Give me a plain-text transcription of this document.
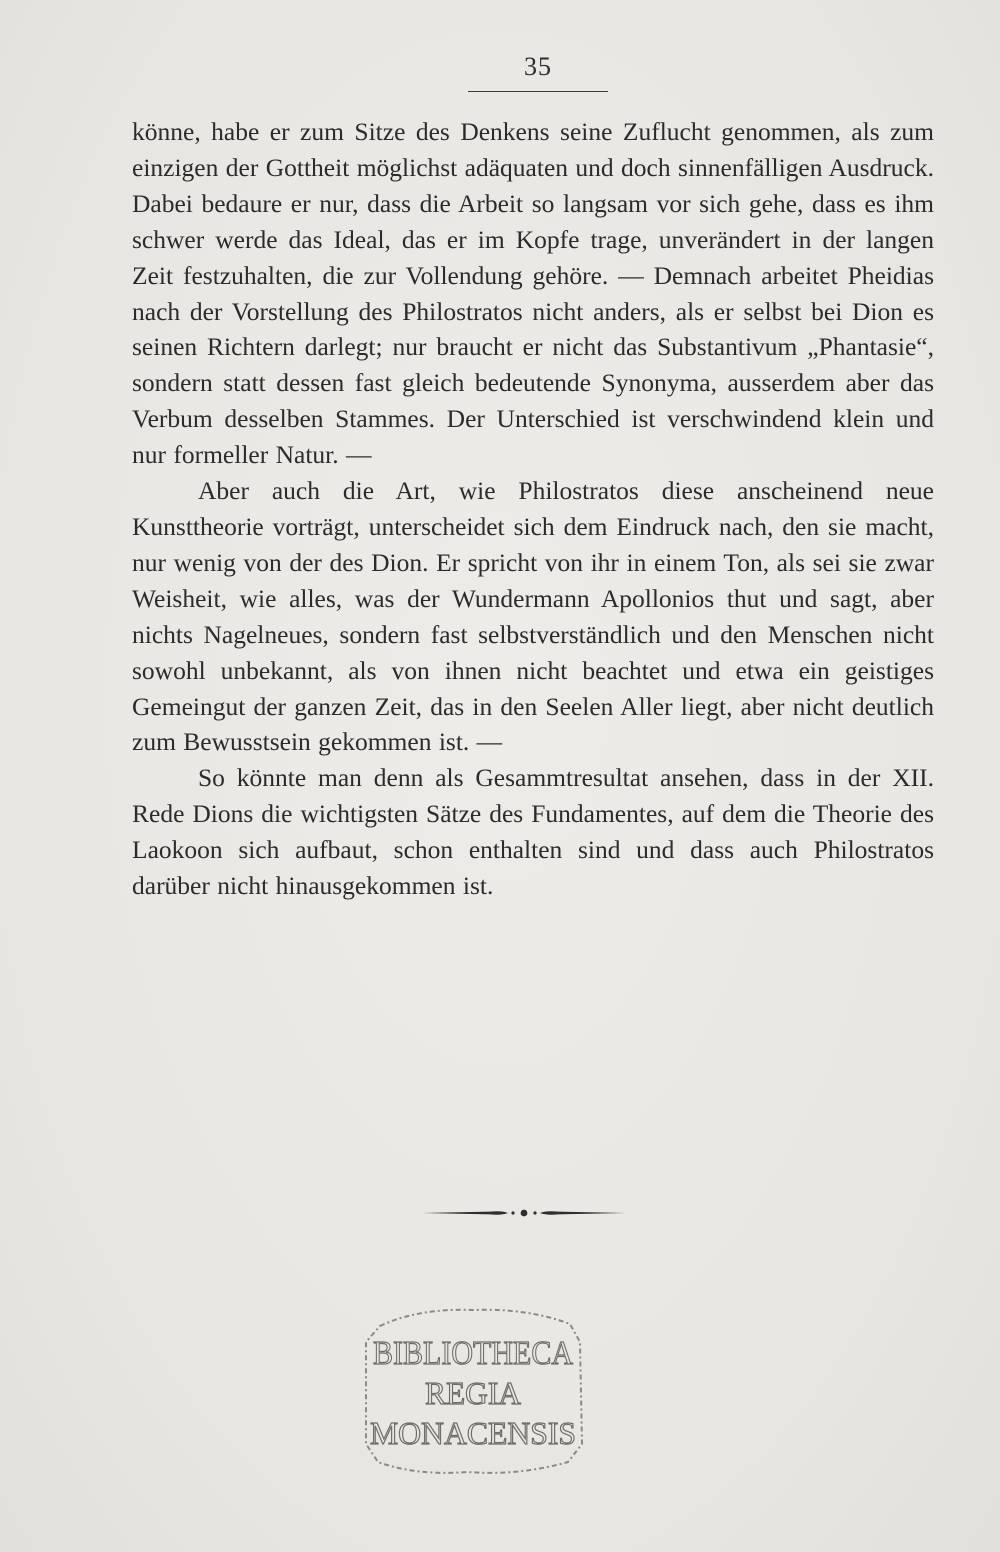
35

könne, habe er zum Sitze des Denkens seine Zuflucht genommen, als zum einzigen der Gottheit möglichst adäquaten und doch sinnenfälligen Ausdruck. Dabei bedaure er nur, dass die Arbeit so langsam vor sich gehe, dass es ihm schwer werde das Ideal, das er im Kopfe trage, unverändert in der langen Zeit festzuhalten, die zur Vollendung gehöre. — Demnach arbeitet Pheidias nach der Vorstellung des Philostratos nicht anders, als er selbst bei Dion es seinen Richtern darlegt; nur braucht er nicht das Substantivum „Phantasie“, sondern statt dessen fast gleich bedeutende Synonyma, ausserdem aber das Verbum desselben Stammes. Der Unterschied ist verschwindend klein und nur formeller Natur. —

Aber auch die Art, wie Philostratos diese anscheinend neue Kunsttheorie vorträgt, unterscheidet sich dem Eindruck nach, den sie macht, nur wenig von der des Dion. Er spricht von ihr in einem Ton, als sei sie zwar Weisheit, wie alles, was der Wundermann Apollonios thut und sagt, aber nichts Nagelneues, sondern fast selbstverständlich und den Menschen nicht sowohl unbekannt, als von ihnen nicht beachtet und etwa ein geistiges Gemeingut der ganzen Zeit, das in den Seelen Aller liegt, aber nicht deutlich zum Bewusstsein gekommen ist. —

So könnte man denn als Gesammtresultat ansehen, dass in der XII. Rede Dions die wichtigsten Sätze des Fundamentes, auf dem die Theorie des Laokoon sich aufbaut, schon enthalten sind und dass auch Philostratos darüber nicht hinausgekommen ist.

BIBLIOTHECA
REGIA
MONACENSIS
